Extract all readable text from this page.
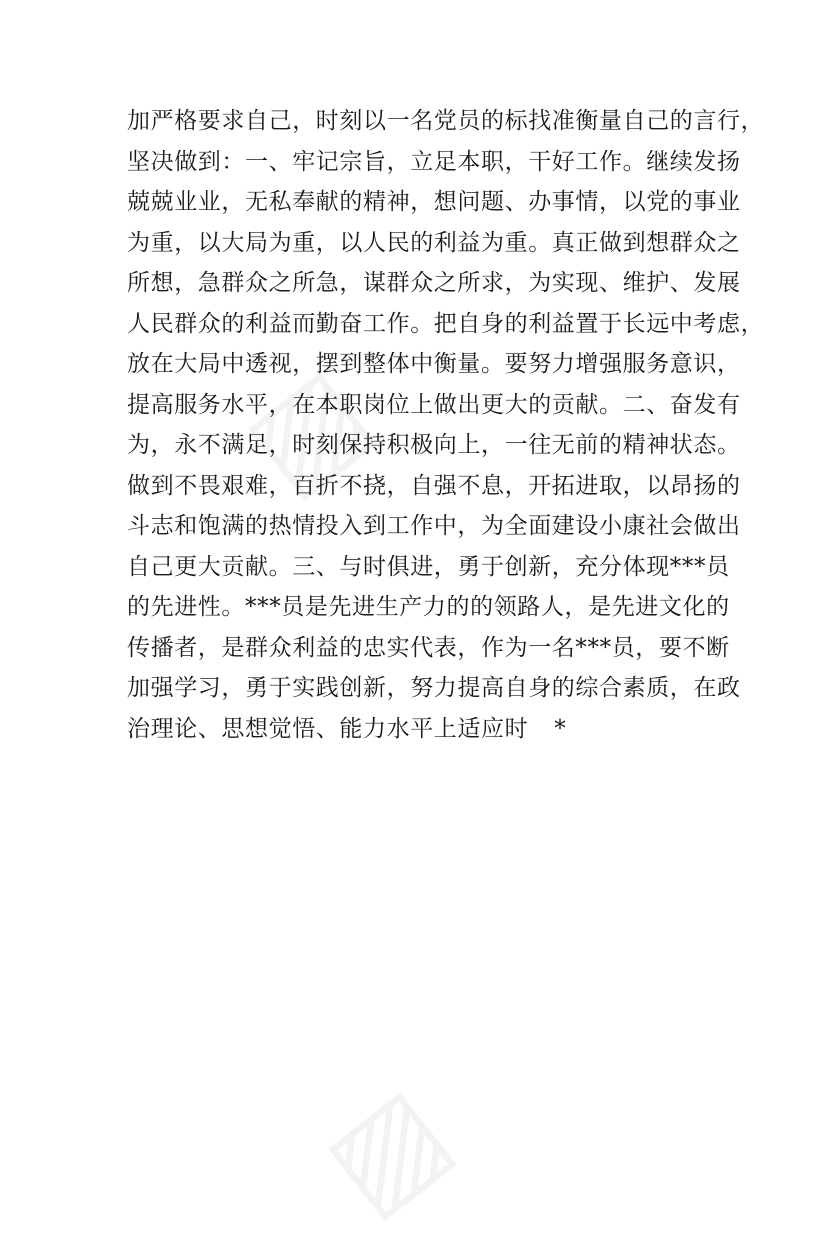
加严格要求自己，时刻以一名党员的标找准衡量自己的言行，
坚决做到：一、牢记宗旨，立足本职，干好工作。继续发扬
兢兢业业，无私奉献的精神，想问题、办事情，以党的事业
为重，以大局为重，以人民的利益为重。真正做到想群众之
所想，急群众之所急，谋群众之所求，为实现、维护、发展
人民群众的利益而勤奋工作。把自身的利益置于长远中考虑，
放在大局中透视，摆到整体中衡量。要努力增强服务意识，
提高服务水平，在本职岗位上做出更大的贡献。二、奋发有
为，永不满足，时刻保持积极向上，一往无前的精神状态。
做到不畏艰难，百折不挠，自强不息，开拓进取，以昂扬的
斗志和饱满的热情投入到工作中，为全面建设小康社会做出
自己更大贡献。三、与时俱进，勇于创新，充分体现***员
的先进性。***员是先进生产力的的领路人，是先进文化的
传播者，是群众利益的忠实代表，作为一名***员，要不断
加强学习，勇于实践创新，努力提高自身的综合素质，在政
治理论、思想觉悟、能力水平上适应时 *
